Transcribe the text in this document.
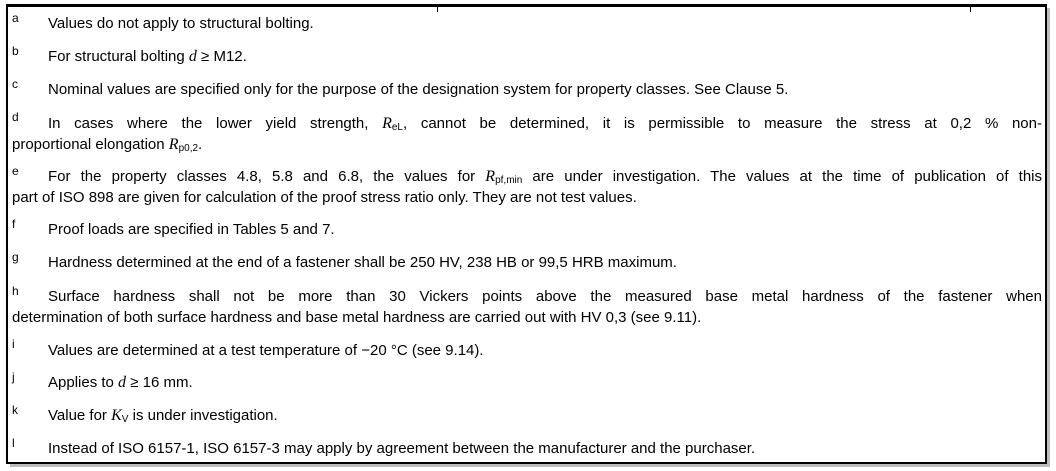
a	Values do not apply to structural bolting.
b	For structural bolting d ≥ M12.
c	Nominal values are specified only for the purpose of the designation system for property classes. See Clause 5.
d	In cases where the lower yield strength, $R_{eL}$, cannot be determined, it is permissible to measure the stress at 0,2 % non-
proportional elongation $R_{p0,2}$.
e	For the property classes 4.8, 5.8 and 6.8, the values for $R_{pf,min}$ are under investigation. The values at the time of publication of this
part of ISO 898 are given for calculation of the proof stress ratio only. They are not test values.
f	Proof loads are specified in Tables 5 and 7.
g	Hardness determined at the end of a fastener shall be 250 HV, 238 HB or 99,5 HRB maximum.
h	Surface hardness shall not be more than 30 Vickers points above the measured base metal hardness of the fastener when
determination of both surface hardness and base metal hardness are carried out with HV 0,3 (see 9.11).
i	Values are determined at a test temperature of −20 °C (see 9.14).
j	Applies to d ≥ 16 mm.
k	Value for $K_V$ is under investigation.
l	Instead of ISO 6157-1, ISO 6157-3 may apply by agreement between the manufacturer and the purchaser.
